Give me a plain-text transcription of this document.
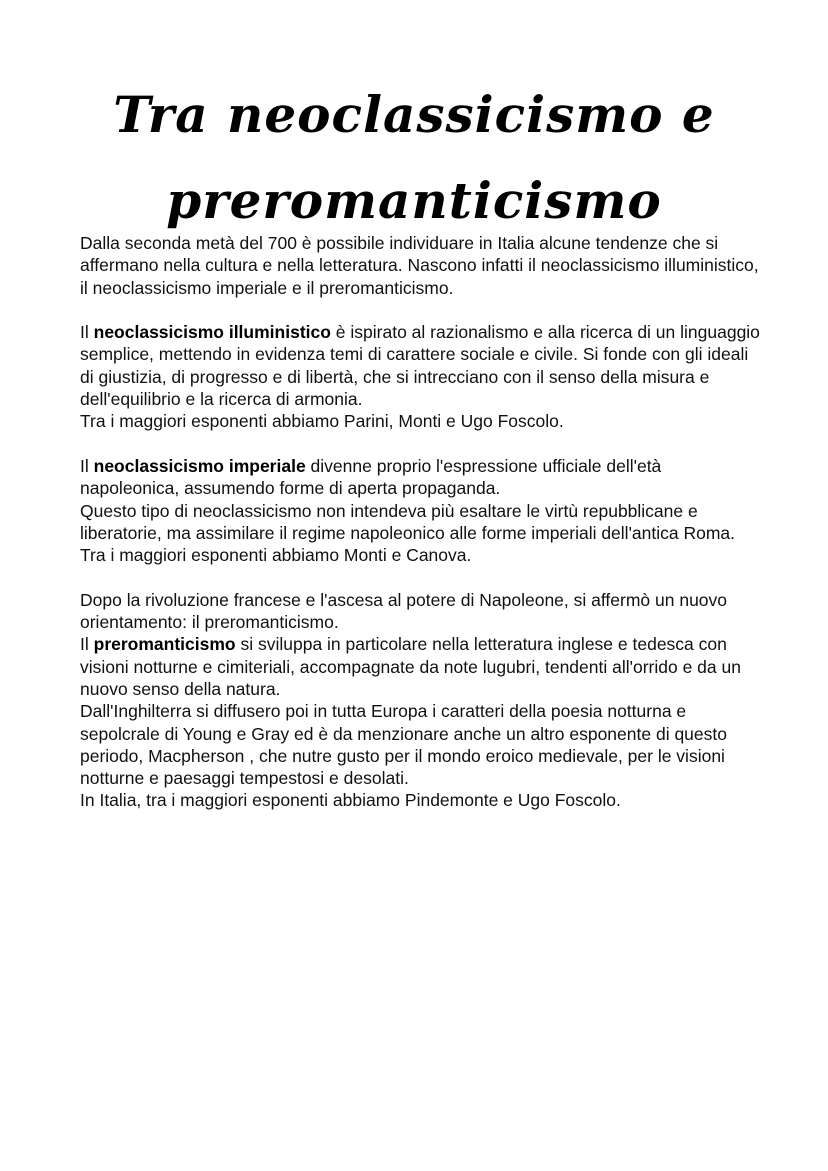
Tra neoclassicismo e
preromanticismo

Dalla seconda metà del 700 è possibile individuare in Italia alcune tendenze che si affermano nella cultura e nella letteratura. Nascono infatti il neoclassicismo illuministico, il neoclassicismo imperiale e il preromanticismo.

Il neoclassicismo illuministico è ispirato al razionalismo e alla ricerca di un linguaggio semplice, mettendo in evidenza temi di carattere sociale e civile. Si fonde con gli ideali di giustizia, di progresso e di libertà, che si intrecciano con il senso della misura e dell'equilibrio e la ricerca di armonia.
Tra i maggiori esponenti abbiamo Parini, Monti e Ugo Foscolo.

Il neoclassicismo imperiale divenne proprio l'espressione ufficiale dell'età napoleonica, assumendo forme di aperta propaganda.
Questo tipo di neoclassicismo non intendeva più esaltare le virtù repubblicane e liberatorie, ma assimilare il regime napoleonico alle forme imperiali dell'antica Roma. Tra i maggiori esponenti abbiamo Monti e Canova.

Dopo la rivoluzione francese e l'ascesa al potere di Napoleone, si affermò un nuovo orientamento: il preromanticismo.
Il preromanticismo si sviluppa in particolare nella letteratura inglese e tedesca con visioni notturne e cimiteriali, accompagnate da note lugubri, tendenti all'orrido e da un nuovo senso della natura.
Dall'Inghilterra si diffusero poi in tutta Europa i caratteri della poesia notturna e sepolcrale di Young e Gray ed è da menzionare anche un altro esponente di questo periodo, Macpherson , che nutre gusto per il mondo eroico medievale, per le visioni notturne e paesaggi tempestosi e desolati.
In Italia, tra i maggiori esponenti abbiamo Pindemonte e Ugo Foscolo.
